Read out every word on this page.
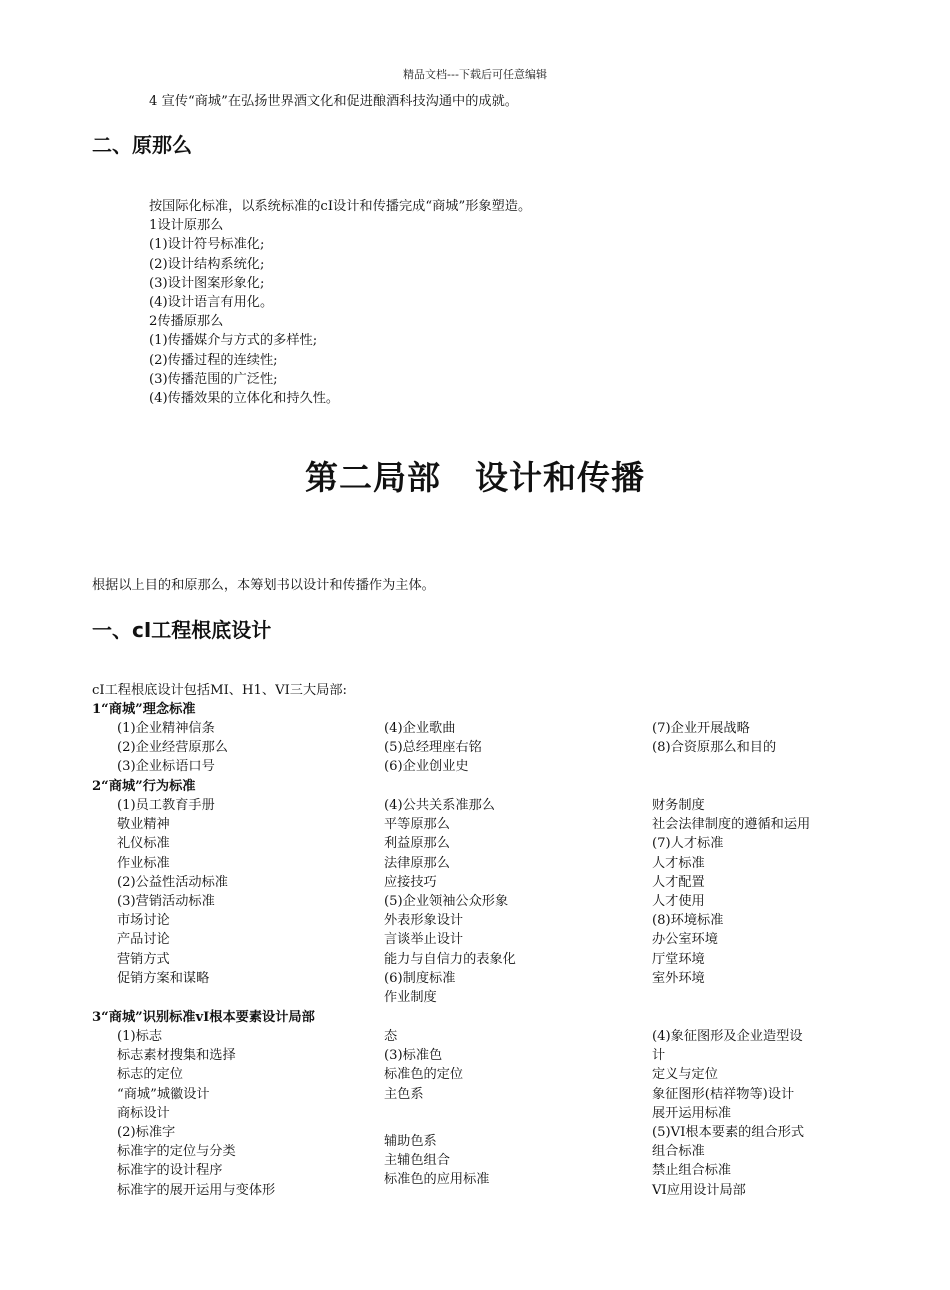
精品文档---下载后可任意编辑
4 宣传“商城”在弘扬世界酒文化和促进酿酒科技沟通中的成就。
二、原那么
按国际化标准，以系统标准的cI设计和传播完成“商城”形象塑造。
1设计原那么
(1)设计符号标准化;
(2)设计结构系统化;
(3)设计图案形象化;
(4)设计语言有用化。
2传播原那么
(1)传播媒介与方式的多样性;
(2)传播过程的连续性;
(3)传播范围的广泛性;
(4)传播效果的立体化和持久性。
第二局部　设计和传播
根据以上目的和原那么，本筹划书以设计和传播作为主体。
一、cI工程根底设计
cI工程根底设计包括MI、H1、VI三大局部:
1“商城”理念标准
(1)企业精神信条
(2)企业经营原那么
(3)企业标语口号
(4)企业歌曲
(5)总经理座右铭
(6)企业创业史
(7)企业开展战略
(8)合资原那么和目的
2“商城”行为标准
(1)员工教育手册
敬业精神
礼仪标准
作业标准
(2)公益性活动标准
(3)营销活动标准
市场讨论
产品讨论
营销方式
促销方案和谋略
(4)公共关系准那么
平等原那么
利益原那么
法律原那么
应接技巧
(5)企业领袖公众形象
外表形象设计
言谈举止设计
能力与自信力的表象化
(6)制度标准
作业制度
财务制度
社会法律制度的遵循和运用
(7)人才标准
人才标准
人才配置
人才使用
(8)环境标准
办公室环境
厅堂环境
室外环境
3“商城”识别标准vI根本要素设计局部
(1)标志
标志素材搜集和选择
标志的定位
“商城”城徽设计
商标设计
(2)标准字
标准字的定位与分类
标准字的设计程序
标准字的展开运用与变体形
态
(3)标准色
标准色的定位
主色系
辅助色系
主辅色组合
标准色的应用标准
(4)象征图形及企业造型设
计
定义与定位
象征图形(桔祥物等)设计
展开运用标准
(5)VI根本要素的组合形式
组合标准
禁止组合标准
VI应用设计局部
